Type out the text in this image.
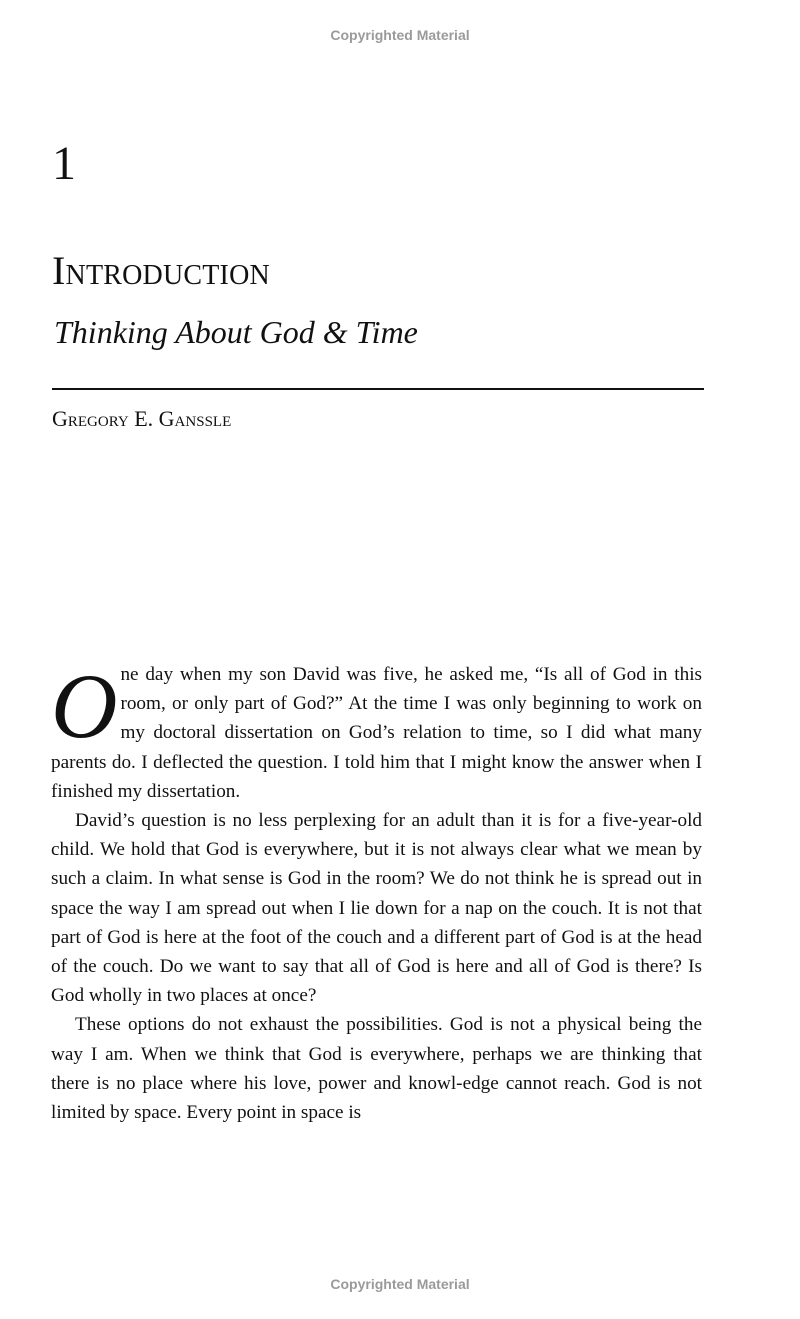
Copyrighted Material
1
Introduction
Thinking About God & Time
Gregory E. Ganssle

One day when my son David was five, he asked me, “Is all of God in this room, or only part of God?” At the time I was only beginning to work on my doctoral dissertation on God’s relation to time, so I did what many parents do. I deflected the question. I told him that I might know the answer when I finished my dissertation.

David’s question is no less perplexing for an adult than it is for a five-year-old child. We hold that God is everywhere, but it is not always clear what we mean by such a claim. In what sense is God in the room? We do not think he is spread out in space the way I am spread out when I lie down for a nap on the couch. It is not that part of God is here at the foot of the couch and a different part of God is at the head of the couch. Do we want to say that all of God is here and all of God is there? Is God wholly in two places at once?

These options do not exhaust the possibilities. God is not a physical being the way I am. When we think that God is everywhere, perhaps we are thinking that there is no place where his love, power and knowl-edge cannot reach. God is not limited by space. Every point in space is

Copyrighted Material
